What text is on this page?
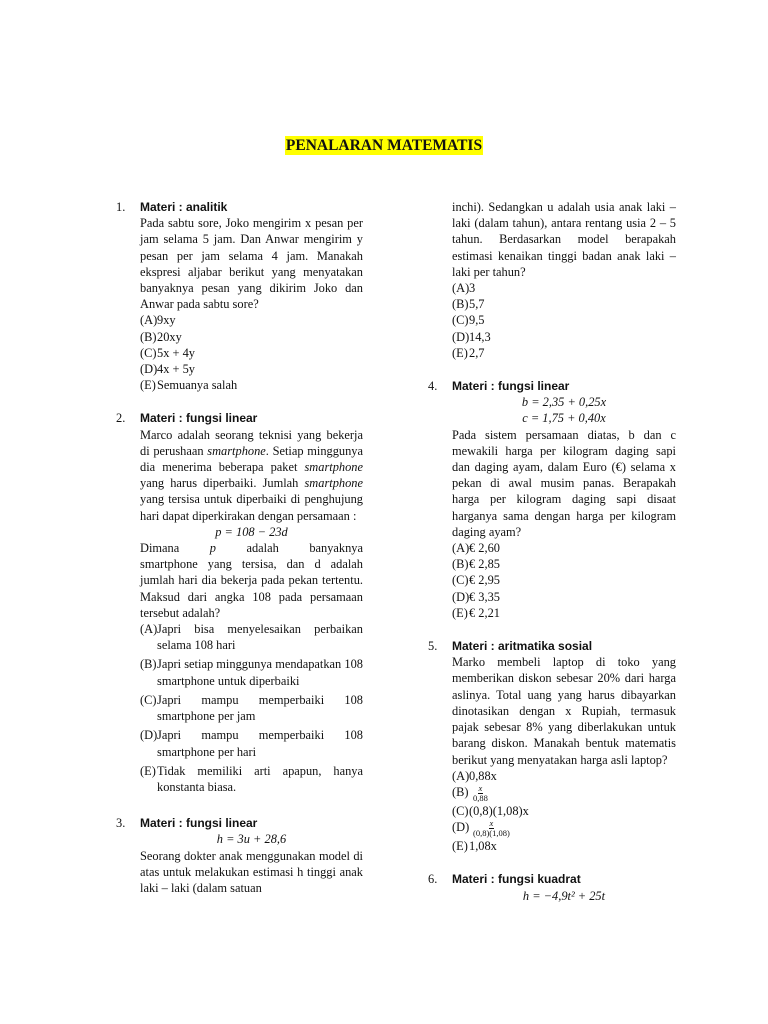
PENALARAN MATEMATIS
1. Materi : analitik

Pada sabtu sore, Joko mengirim x pesan per jam selama 5 jam. Dan Anwar mengirim y pesan per jam selama 4 jam. Manakah ekspresi aljabar berikut yang menyatakan banyaknya pesan yang dikirim Joko dan Anwar pada sabtu sore?

(A) 9xy
(B) 20xy
(C) 5x + 4y
(D) 4x + 5y
(E) Semuanya salah
2. Materi : fungsi linear

Marco adalah seorang teknisi yang bekerja di perushaan smartphone. Setiap minggunya dia menerima beberapa paket smartphone yang harus diperbaiki. Jumlah smartphone yang tersisa untuk diperbaiki di penghujung hari dapat diperkirakan dengan persamaan :

p = 108 − 23d

Dimana p adalah banyaknya

smartphone yang tersisa, dan d adalah jumlah hari dia bekerja pada pekan tertentu. Maksud dari angka 108 pada persamaan tersebut adalah?

(A) Japri bisa menyelesaikan perbaikan selama 108 hari
(B) Japri setiap minggunya mendapatkan 108 smartphone untuk diperbaiki
(C) Japri mampu memperbaiki 108 smartphone per jam
(D) Japri mampu memperbaiki 108 smartphone per hari
(E) Tidak memiliki arti apapun, hanya konstanta biasa.
3. Materi : fungsi linear

h = 3u + 28,6

Seorang dokter anak menggunakan model di atas untuk melakukan estimasi h tinggi anak laki – laki (dalam satuan

inchi). Sedangkan u adalah usia anak laki – laki (dalam tahun), antara rentang usia 2 – 5 tahun. Berdasarkan model berapakah estimasi kenaikan tinggi badan anak laki – laki per tahun?

(A) 3
(B) 5,7
(C) 9,5
(D) 14,3
(E) 2,7
4. Materi : fungsi linear

b = 2,35 + 0,25x

c = 1,75 + 0,40x

Pada sistem persamaan diatas, b dan c mewakili harga per kilogram daging sapi dan daging ayam, dalam Euro (€) selama x pekan di awal musim panas. Berapakah harga per kilogram daging sapi disaat harganya sama dengan harga per kilogram daging ayam?

(A) € 2,60
(B) € 2,85
(C) € 2,95
(D) € 3,35
(E) € 2,21
5. Materi : aritmatika sosial

Marko membeli laptop di toko yang memberikan diskon sebesar 20% dari harga aslinya. Total uang yang harus dibayarkan dinotasikan dengan x Rupiah, termasuk pajak sebesar 8% yang diberlakukan untuk barang diskon. Manakah bentuk matematis berikut yang menyatakan harga asli laptop?

(A) 0,88x
$(B) \frac{x}{0,88}$
(C) (0,8)(1,08)x
$(D) \frac{x}{(0,8)(1,08)}$
(E) 1,08x
6. Materi : fungsi kuadrat

h = −4,9t² + 25t
